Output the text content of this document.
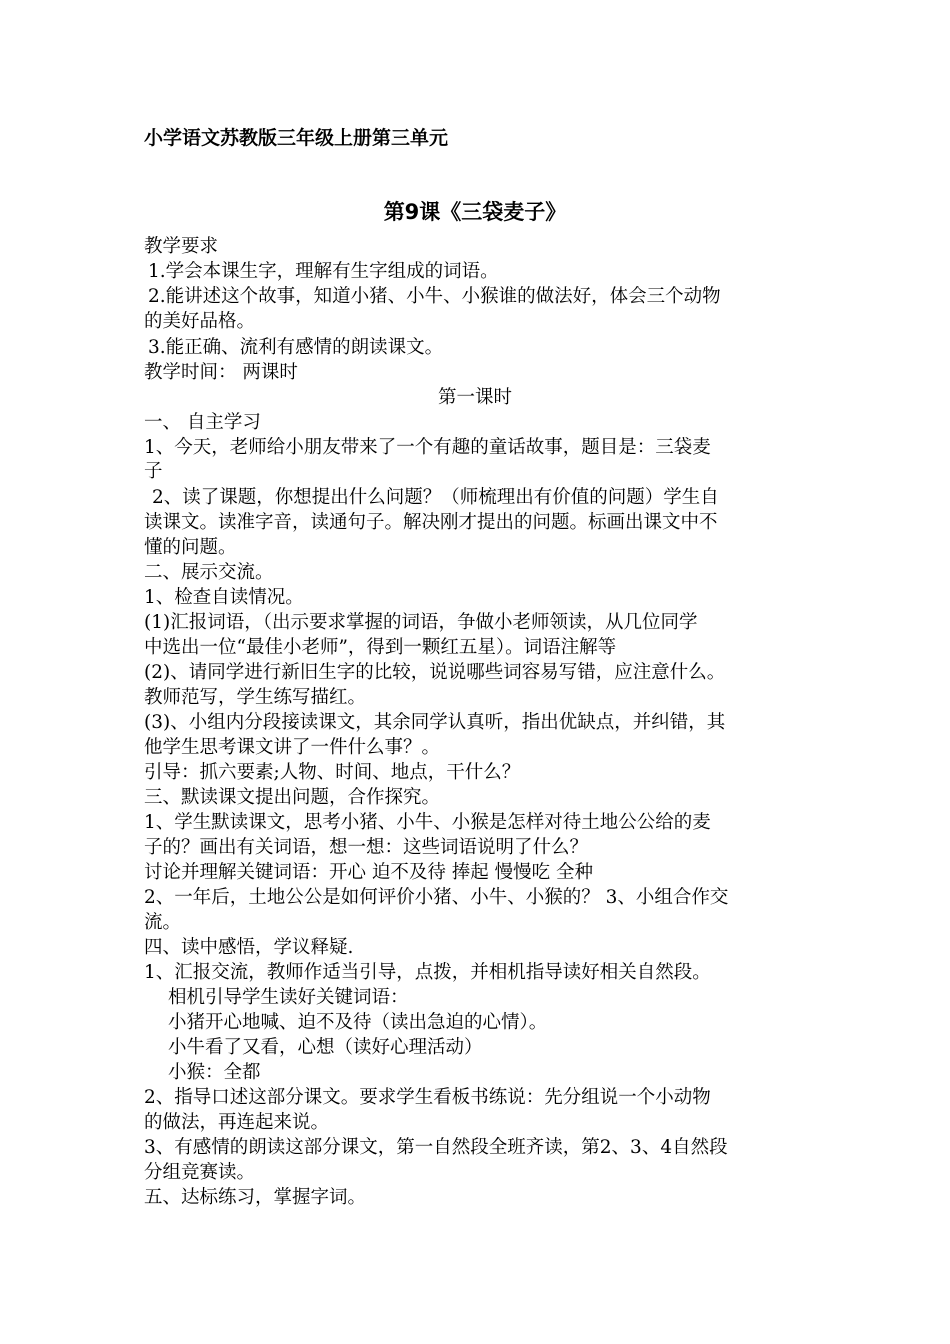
小学语文苏教版三年级上册第三单元
第9课《三袋麦子》
教学要求
1.学会本课生字，理解有生字组成的词语。
2.能讲述这个故事，知道小猪、小牛、小猴谁的做法好，体会三个动物
的美好品格。
3.能正确、流利有感情的朗读课文。
教学时间： 两课时
第一课时
一、 自主学习
1、今天，老师给小朋友带来了一个有趣的童话故事，题目是：三袋麦
子
2、读了课题，你想提出什么问题？（师梳理出有价值的问题）学生自
读课文。读准字音，读通句子。解决刚才提出的问题。标画出课文中不
懂的问题。
二、展示交流。
1、检查自读情况。
(1)汇报词语，（出示要求掌握的词语，争做小老师领读，从几位同学
中选出一位“最佳小老师”，得到一颗红五星）。词语注解等
(2)、请同学进行新旧生字的比较，说说哪些词容易写错，应注意什么。
教师范写，学生练写描红。
(3)、小组内分段接读课文，其余同学认真听，指出优缺点，并纠错，其
他学生思考课文讲了一件什么事？。
引导：抓六要素;人物、时间、地点，干什么？
三、默读课文提出问题，合作探究。
1、学生默读课文，思考小猪、小牛、小猴是怎样对待土地公公给的麦
子的？画出有关词语，想一想：这些词语说明了什么？
讨论并理解关键词语：开心 迫不及待 捧起 慢慢吃 全种
2、一年后，土地公公是如何评价小猪、小牛、小猴的？ 3、小组合作交
流。
四、读中感悟，学议释疑.
1、汇报交流，教师作适当引导，点拨，并相机指导读好相关自然段。
相机引导学生读好关键词语：
小猪开心地喊、迫不及待（读出急迫的心情）。
小牛看了又看，心想（读好心理活动）
小猴：全都
2、指导口述这部分课文。要求学生看板书练说：先分组说一个小动物
的做法，再连起来说。
3、有感情的朗读这部分课文，第一自然段全班齐读，第2、3、4自然段
分组竞赛读。
五、达标练习，掌握字词。
